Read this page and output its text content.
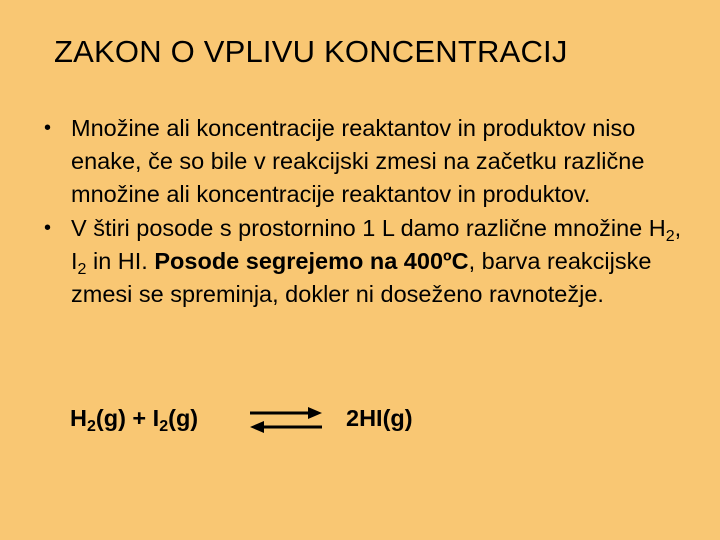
ZAKON O VPLIVU KONCENTRACIJ
•
Množine ali koncentracije reaktantov in produktov niso enake, če so bile v reakcijski zmesi na začetku različne množine ali koncentracije reaktantov in produktov.
•
V štiri posode s prostornino 1 L damo različne množine $H_2$, $I_2$ in HI. Posode segrejemo na 400ºC, barva reakcijske zmesi se spreminja, dokler ni doseženo ravnotežje.
$H_2(g) + I_2(g)$	2HI(g)
